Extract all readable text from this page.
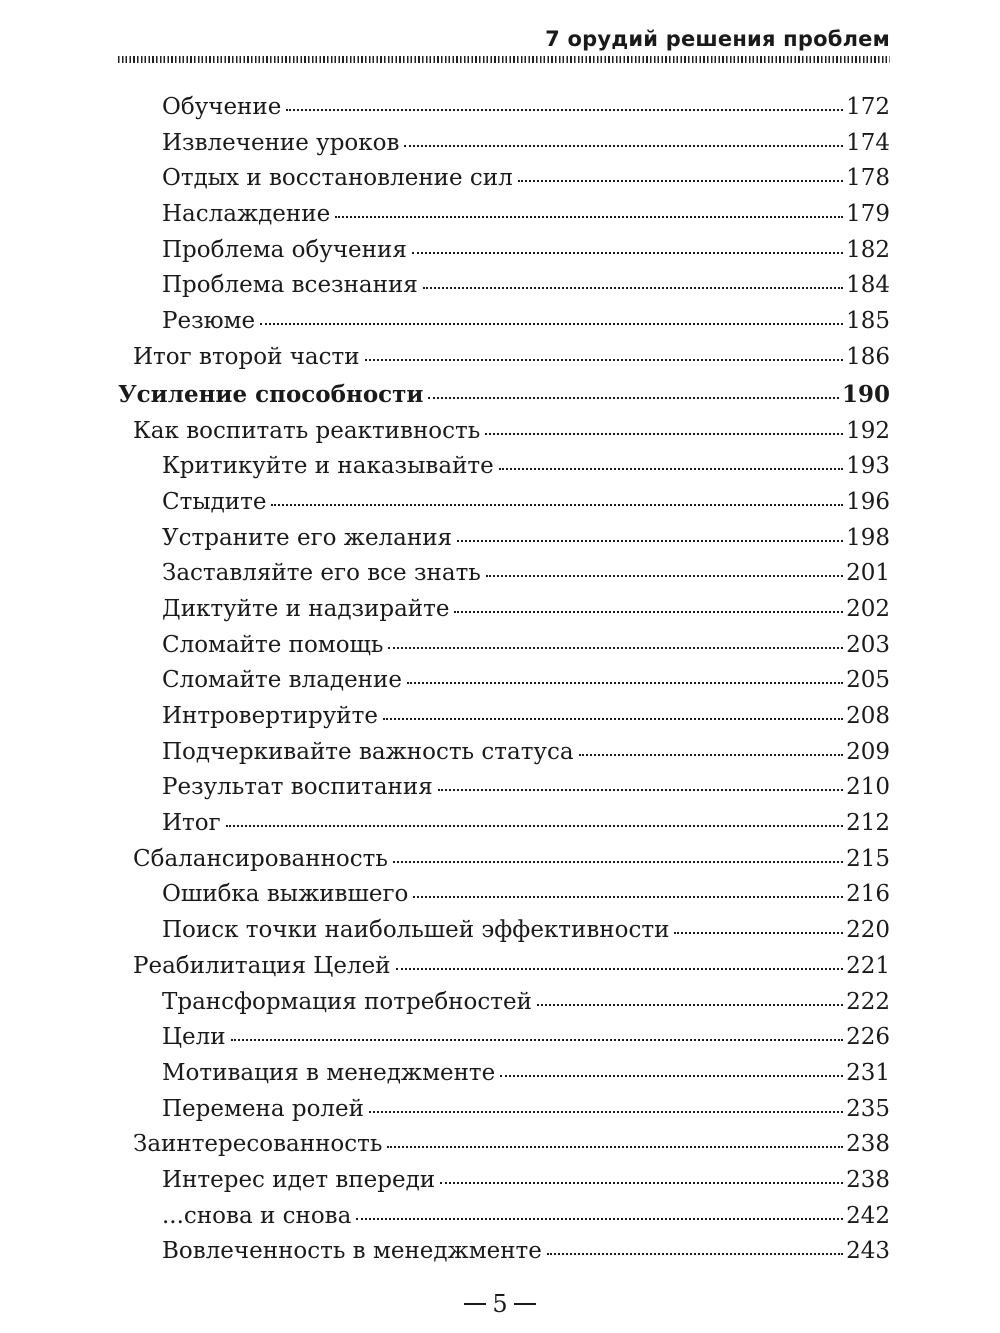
7 орудий решения проблем
Обучение	172
Извлечение уроков	174
Отдых и восстановление сил	178
Наслаждение	179
Проблема обучения	182
Проблема всезнания	184
Резюме	185
Итог второй части	186
Усиление способности	190
Как воспитать реактивность	192
Критикуйте и наказывайте	193
Стыдите	196
Устраните его желания	198
Заставляйте его все знать	201
Диктуйте и надзирайте	202
Сломайте помощь	203
Сломайте владение	205
Интровертируйте	208
Подчеркивайте важность статуса	209
Результат воспитания	210
Итог	212
Сбалансированность	215
Ошибка выжившего	216
Поиск точки наибольшей эффективности	220
Реабилитация Целей	221
Трансформация потребностей	222
Цели	226
Мотивация в менеджменте	231
Перемена ролей	235
Заинтересованность	238
Интерес идет впереди	238
...снова и снова	242
Вовлеченность в менеджменте	243
5
